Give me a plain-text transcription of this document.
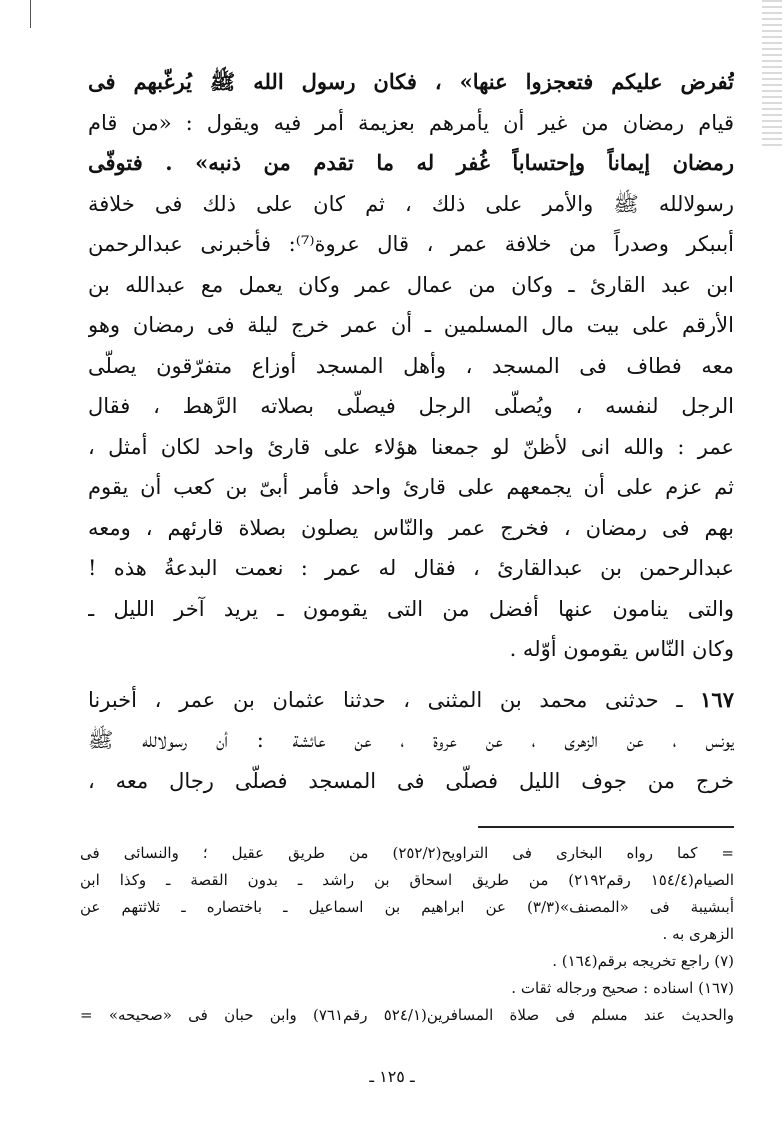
تُفرض عليكم فتعجزوا عنها» ، فكان رسول الله ﷺ يُرغّبهم فى
قيام رمضان من غير أن يأمرهم بعزيمة أمر فيه ويقول : «من قام
رمضان إيماناً وإحتساباً غُفر له ما تقدم من ذنبه» . فتوفّى
رسولالله ﷺ والأمر على ذلك ، ثم كان على ذلك فى خلافة
أبىبكر وصدراً من خلافة عمر ، قال عروة⁽⁷⁾: فأخبرنى عبدالرحمن
ابن عبد القارئ ـ وكان من عمال عمر وكان يعمل مع عبدالله بن
الأرقم على بيت مال المسلمين ـ أن عمر خرج ليلة فى رمضان وهو
معه فطاف فى المسجد ، وأهل المسجد أوزاع متفرّقون يصلّى
الرجل لنفسه ، ويُصلّى الرجل فيصلّى بصلاته الرَّهط ، فقال
عمر : والله انى لأظنّ لو جمعنا هؤلاء على قارئ واحد لكان أمثل ،
ثم عزم على أن يجمعهم على قارئ واحد فأمر أبىّ بن كعب أن يقوم
بهم فى رمضان ، فخرج عمر والنّاس يصلون بصلاة قارئهم ، ومعه
عبدالرحمن بن عبدالقارئ ، فقال له عمر : نعمت البدعةُ هذه !
والتى ينامون عنها أفضل من التى يقومون ـ يريد آخر الليل ـ
وكان النّاس يقومون أوّله .
١٦٧ ـ حدثنى محمد بن المثنى ، حدثنا عثمان بن عمر ، أخبرنا
يونس ، عن الزهرى ، عن عروة ، عن عائشة : أن رسولالله ﷺ
خرج من جوف الليل فصلّى فى المسجد فصلّى رجال معه ،
= كما رواه البخارى فى التراويح(٢٥٢/٢) من طريق عقيل ؛ والنسائى فى
الصيام(١٥٤/٤ رقم٢١٩٢) من طريق اسحاق بن راشد ـ بدون القصة ـ وكذا ابن
أبىشيبة فى «المصنف»(٣/٣) عن ابراهيم بن اسماعيل ـ باختصاره ـ ثلاثتهم عن
الزهرى به .
(٧) راجع تخريجه برقم(١٦٤) .
(١٦٧) اسناده : صحيح ورجاله ثقات .
والحديث عند مسلم فى صلاة المسافرين(٥٢٤/١ رقم٧٦١) وابن حبان فى «صحيحه» =
ـ ١٢٥ ـ
